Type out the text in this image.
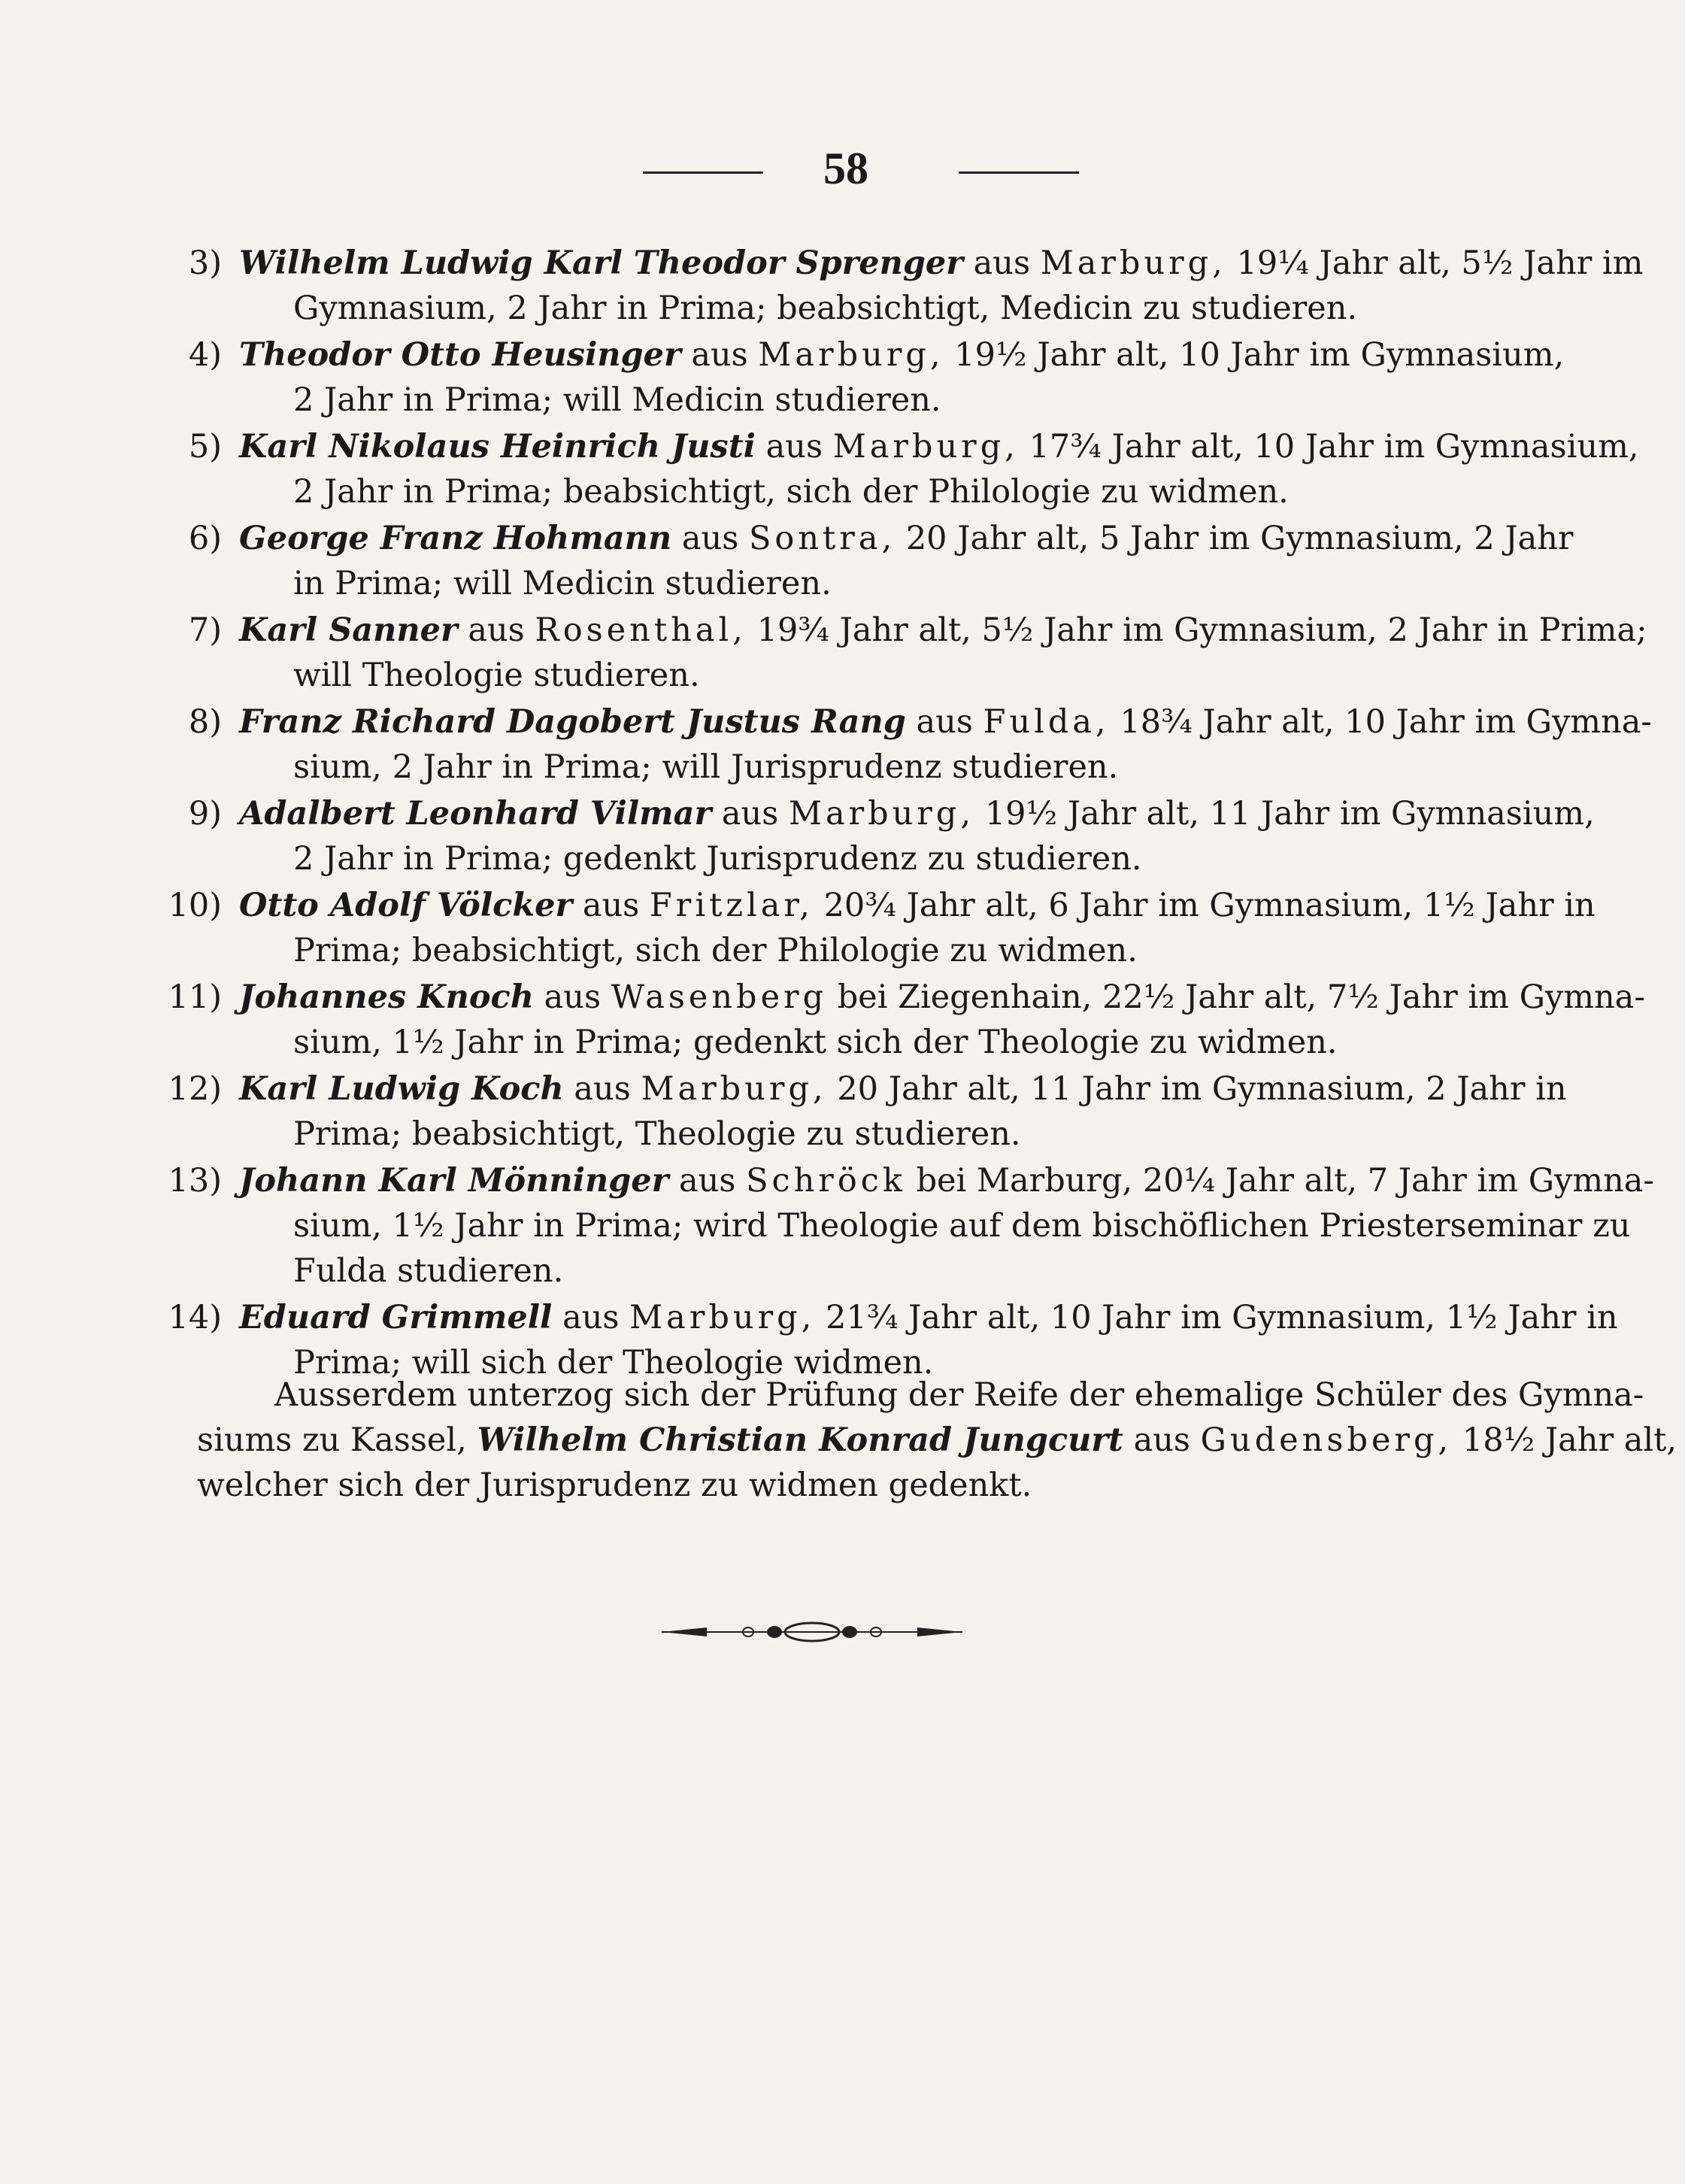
58
3) Wilhelm Ludwig Karl Theodor Sprenger aus Marburg, 19¼ Jahr alt, 5½ Jahr im
Gymnasium, 2 Jahr in Prima; beabsichtigt, Medicin zu studieren.
4) Theodor Otto Heusinger aus Marburg, 19½ Jahr alt, 10 Jahr im Gymnasium,
2 Jahr in Prima; will Medicin studieren.
5) Karl Nikolaus Heinrich Justi aus Marburg, 17¾ Jahr alt, 10 Jahr im Gymnasium,
2 Jahr in Prima; beabsichtigt, sich der Philologie zu widmen.
6) George Franz Hohmann aus Sontra, 20 Jahr alt, 5 Jahr im Gymnasium, 2 Jahr
in Prima; will Medicin studieren.
7) Karl Sanner aus Rosenthal, 19¾ Jahr alt, 5½ Jahr im Gymnasium, 2 Jahr in Prima;
will Theologie studieren.
8) Franz Richard Dagobert Justus Rang aus Fulda, 18¾ Jahr alt, 10 Jahr im Gymna-
sium, 2 Jahr in Prima; will Jurisprudenz studieren.
9) Adalbert Leonhard Vilmar aus Marburg, 19½ Jahr alt, 11 Jahr im Gymnasium,
2 Jahr in Prima; gedenkt Jurisprudenz zu studieren.
10) Otto Adolf Völcker aus Fritzlar, 20¾ Jahr alt, 6 Jahr im Gymnasium, 1½ Jahr in
Prima; beabsichtigt, sich der Philologie zu widmen.
11) Johannes Knoch aus Wasenberg bei Ziegenhain, 22½ Jahr alt, 7½ Jahr im Gymna-
sium, 1½ Jahr in Prima; gedenkt sich der Theologie zu widmen.
12) Karl Ludwig Koch aus Marburg, 20 Jahr alt, 11 Jahr im Gymnasium, 2 Jahr in
Prima; beabsichtigt, Theologie zu studieren.
13) Johann Karl Mönninger aus Schröck bei Marburg, 20¼ Jahr alt, 7 Jahr im Gymna-
sium, 1½ Jahr in Prima; wird Theologie auf dem bischöflichen Priesterseminar zu
Fulda studieren.
14) Eduard Grimmell aus Marburg, 21¾ Jahr alt, 10 Jahr im Gymnasium, 1½ Jahr in
Prima; will sich der Theologie widmen.
Ausserdem unterzog sich der Prüfung der Reife der ehemalige Schüler des Gymna-
siums zu Kassel, Wilhelm Christian Konrad Jungcurt aus Gudensberg, 18½ Jahr alt,
welcher sich der Jurisprudenz zu widmen gedenkt.
